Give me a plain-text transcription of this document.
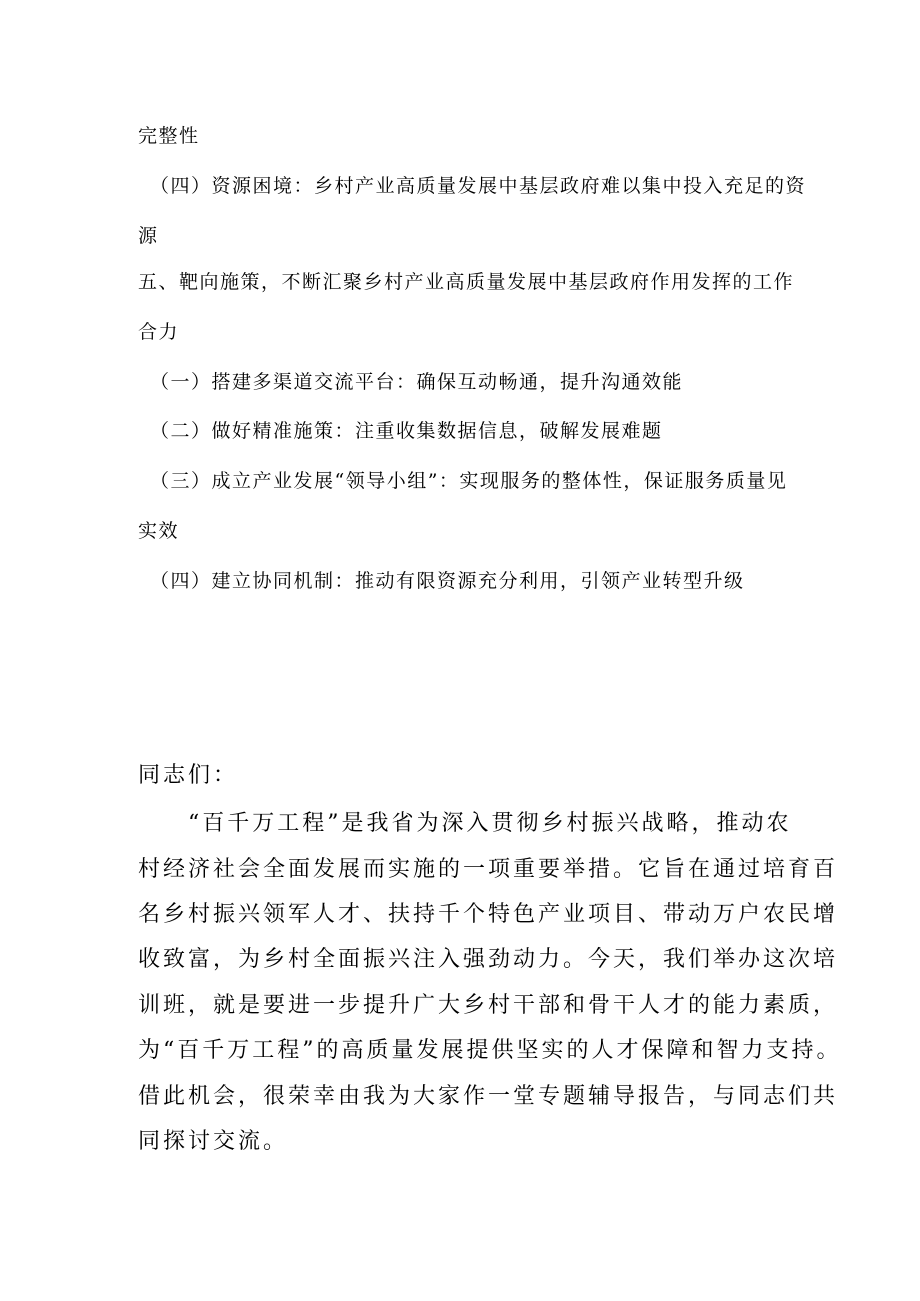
完整性

（四）资源困境：乡村产业高质量发展中基层政府难以集中投入充足的资

源

五、靶向施策，不断汇聚乡村产业高质量发展中基层政府作用发挥的工作

合力

（一）搭建多渠道交流平台：确保互动畅通，提升沟通效能

（二）做好精准施策：注重收集数据信息，破解发展难题

（三）成立产业发展“领导小组”：实现服务的整体性，保证服务质量见

实效

（四）建立协同机制：推动有限资源充分利用，引领产业转型升级

同志们：

　　“百千万工程”是我省为深入贯彻乡村振兴战略，推动农

村经济社会全面发展而实施的一项重要举措。它旨在通过培育百

名乡村振兴领军人才、扶持千个特色产业项目、带动万户农民增

收致富，为乡村全面振兴注入强劲动力。今天，我们举办这次培

训班，就是要进一步提升广大乡村干部和骨干人才的能力素质，

为“百千万工程”的高质量发展提供坚实的人才保障和智力支持。

借此机会，很荣幸由我为大家作一堂专题辅导报告，与同志们共

同探讨交流。
